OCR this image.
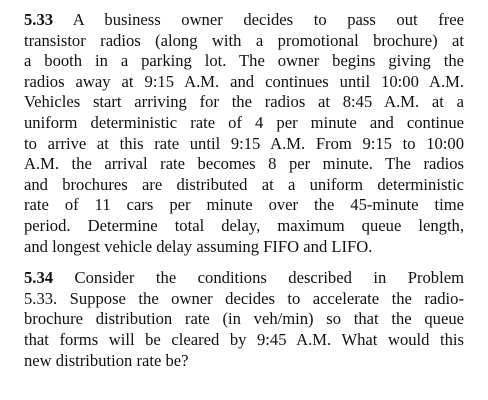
5.33 A business owner decides to pass out free
transistor radios (along with a promotional brochure) at
a booth in a parking lot. The owner begins giving the
radios away at 9:15 A.M. and continues until 10:00 A.M.
Vehicles start arriving for the radios at 8:45 A.M. at a
uniform deterministic rate of 4 per minute and continue
to arrive at this rate until 9:15 A.M. From 9:15 to 10:00
A.M. the arrival rate becomes 8 per minute. The radios
and brochures are distributed at a uniform deterministic
rate of 11 cars per minute over the 45-minute time
period. Determine total delay, maximum queue length,
and longest vehicle delay assuming FIFO and LIFO.
5.34 Consider the conditions described in Problem
5.33. Suppose the owner decides to accelerate the radio-
brochure distribution rate (in veh/min) so that the queue
that forms will be cleared by 9:45 A.M. What would this
new distribution rate be?
